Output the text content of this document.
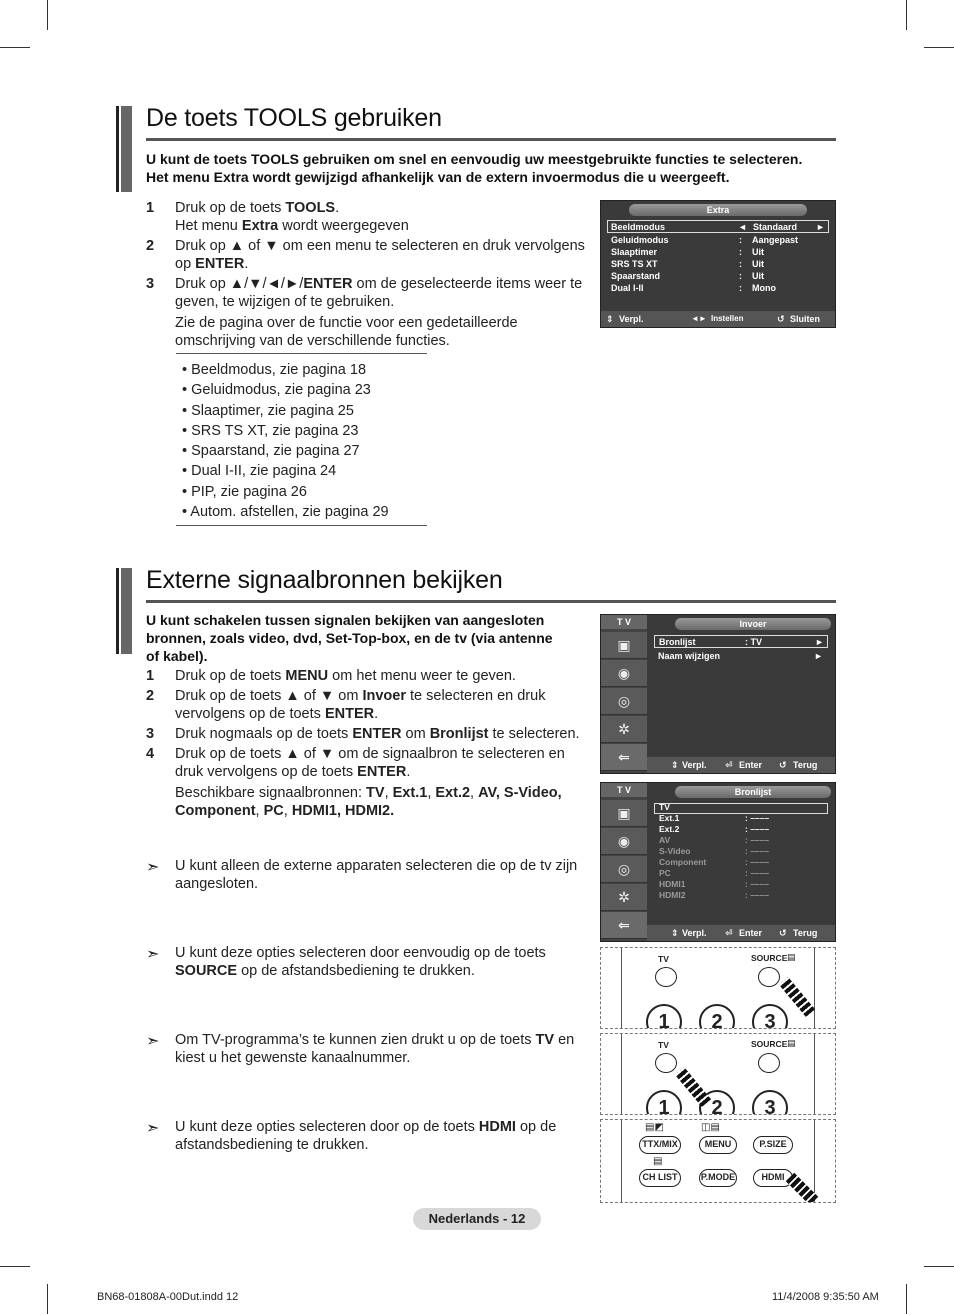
De toets TOOLS gebruiken
U kunt de toets TOOLS gebruiken om snel en eenvoudig uw meestgebruikte functies te selecteren.
Het menu Extra wordt gewijzigd afhankelijk van de extern invoermodus die u weergeeft.
1 Druk op de toets TOOLS.
Het menu Extra wordt weergegeven
2 Druk op ▲ of ▼ om een menu te selecteren en druk vervolgens op ENTER.
3 Druk op ▲/▼/◄/►/ENTER om de geselecteerde items weer te geven, te wijzigen of te gebruiken.
Zie de pagina over de functie voor een gedetailleerde omschrijving van de verschillende functies.
• Beeldmodus, zie pagina 18
• Geluidmodus, zie pagina 23
• Slaaptimer, zie pagina 25
• SRS TS XT, zie pagina 23
• Spaarstand, zie pagina 27
• Dual I-II, zie pagina 24
• PIP, zie pagina 26
• Autom. afstellen, zie pagina 29
Extra
Beeldmodus	◄ Standaard ►
Geluidmodus	: Aangepast
Slaaptimer	: Uit
SRS TS XT	: Uit
Spaarstand	: Uit
Dual l-ll	: Mono
⇕ Verpl.	◄► Instellen	↺ Sluiten
Externe signaalbronnen bekijken
U kunt schakelen tussen signalen bekijken van aangesloten
bronnen, zoals video, dvd, Set-Top-box, en de tv (via antenne
of kabel).
1 Druk op de toets MENU om het menu weer te geven.
2 Druk op de toets ▲ of ▼ om Invoer te selecteren en druk vervolgens op de toets ENTER.
3 Druk nogmaals op de toets ENTER om Bronlijst te selecteren.
4 Druk op de toets ▲ of ▼ om de signaalbron te selecteren en druk vervolgens op de toets ENTER.
Beschikbare signaalbronnen: TV, Ext.1, Ext.2, AV, S-Video, Component, PC, HDMI1, HDMI2.
➣ U kunt alleen de externe apparaten selecteren die op de tv zijn aangesloten.
➣ U kunt deze opties selecteren door eenvoudig op de toets SOURCE op de afstandsbediening te drukken.
➣ Om TV-programma’s te kunnen zien drukt u op de toets TV en kiest u het gewenste kanaalnummer.
➣ U kunt deze opties selecteren door op de toets HDMI op de afstandsbediening te drukken.
T V
▣
◉
◎
✲
⇐
Invoer
Bronlijst	: TV	►
Naam wijzigen	►
⇕ Verpl. ⏎ Enter ↺ Terug
T V
▣
◉
◎
✲
⇐
Bronlijst
TV
Ext.1	: ––––
Ext.2	: ––––
AV	: ––––
S-Video	: ––––
Component	: ––––
PC	: ––––
HDMI1	: ––––
HDMI2	: ––––
⇕ Verpl. ⏎ Enter ↺ Terug
TV	SOURCE ▤
1	2	3
TV	SOURCE ▤
1	2	3
▤◩	◫▤
TTX/MIX	MENU	P.SIZE
▤
CH LIST	P.MODE	HDMI
Nederlands - 12
BN68-01808A-00Dut.indd 12	11/4/2008 9:35:50 AM
